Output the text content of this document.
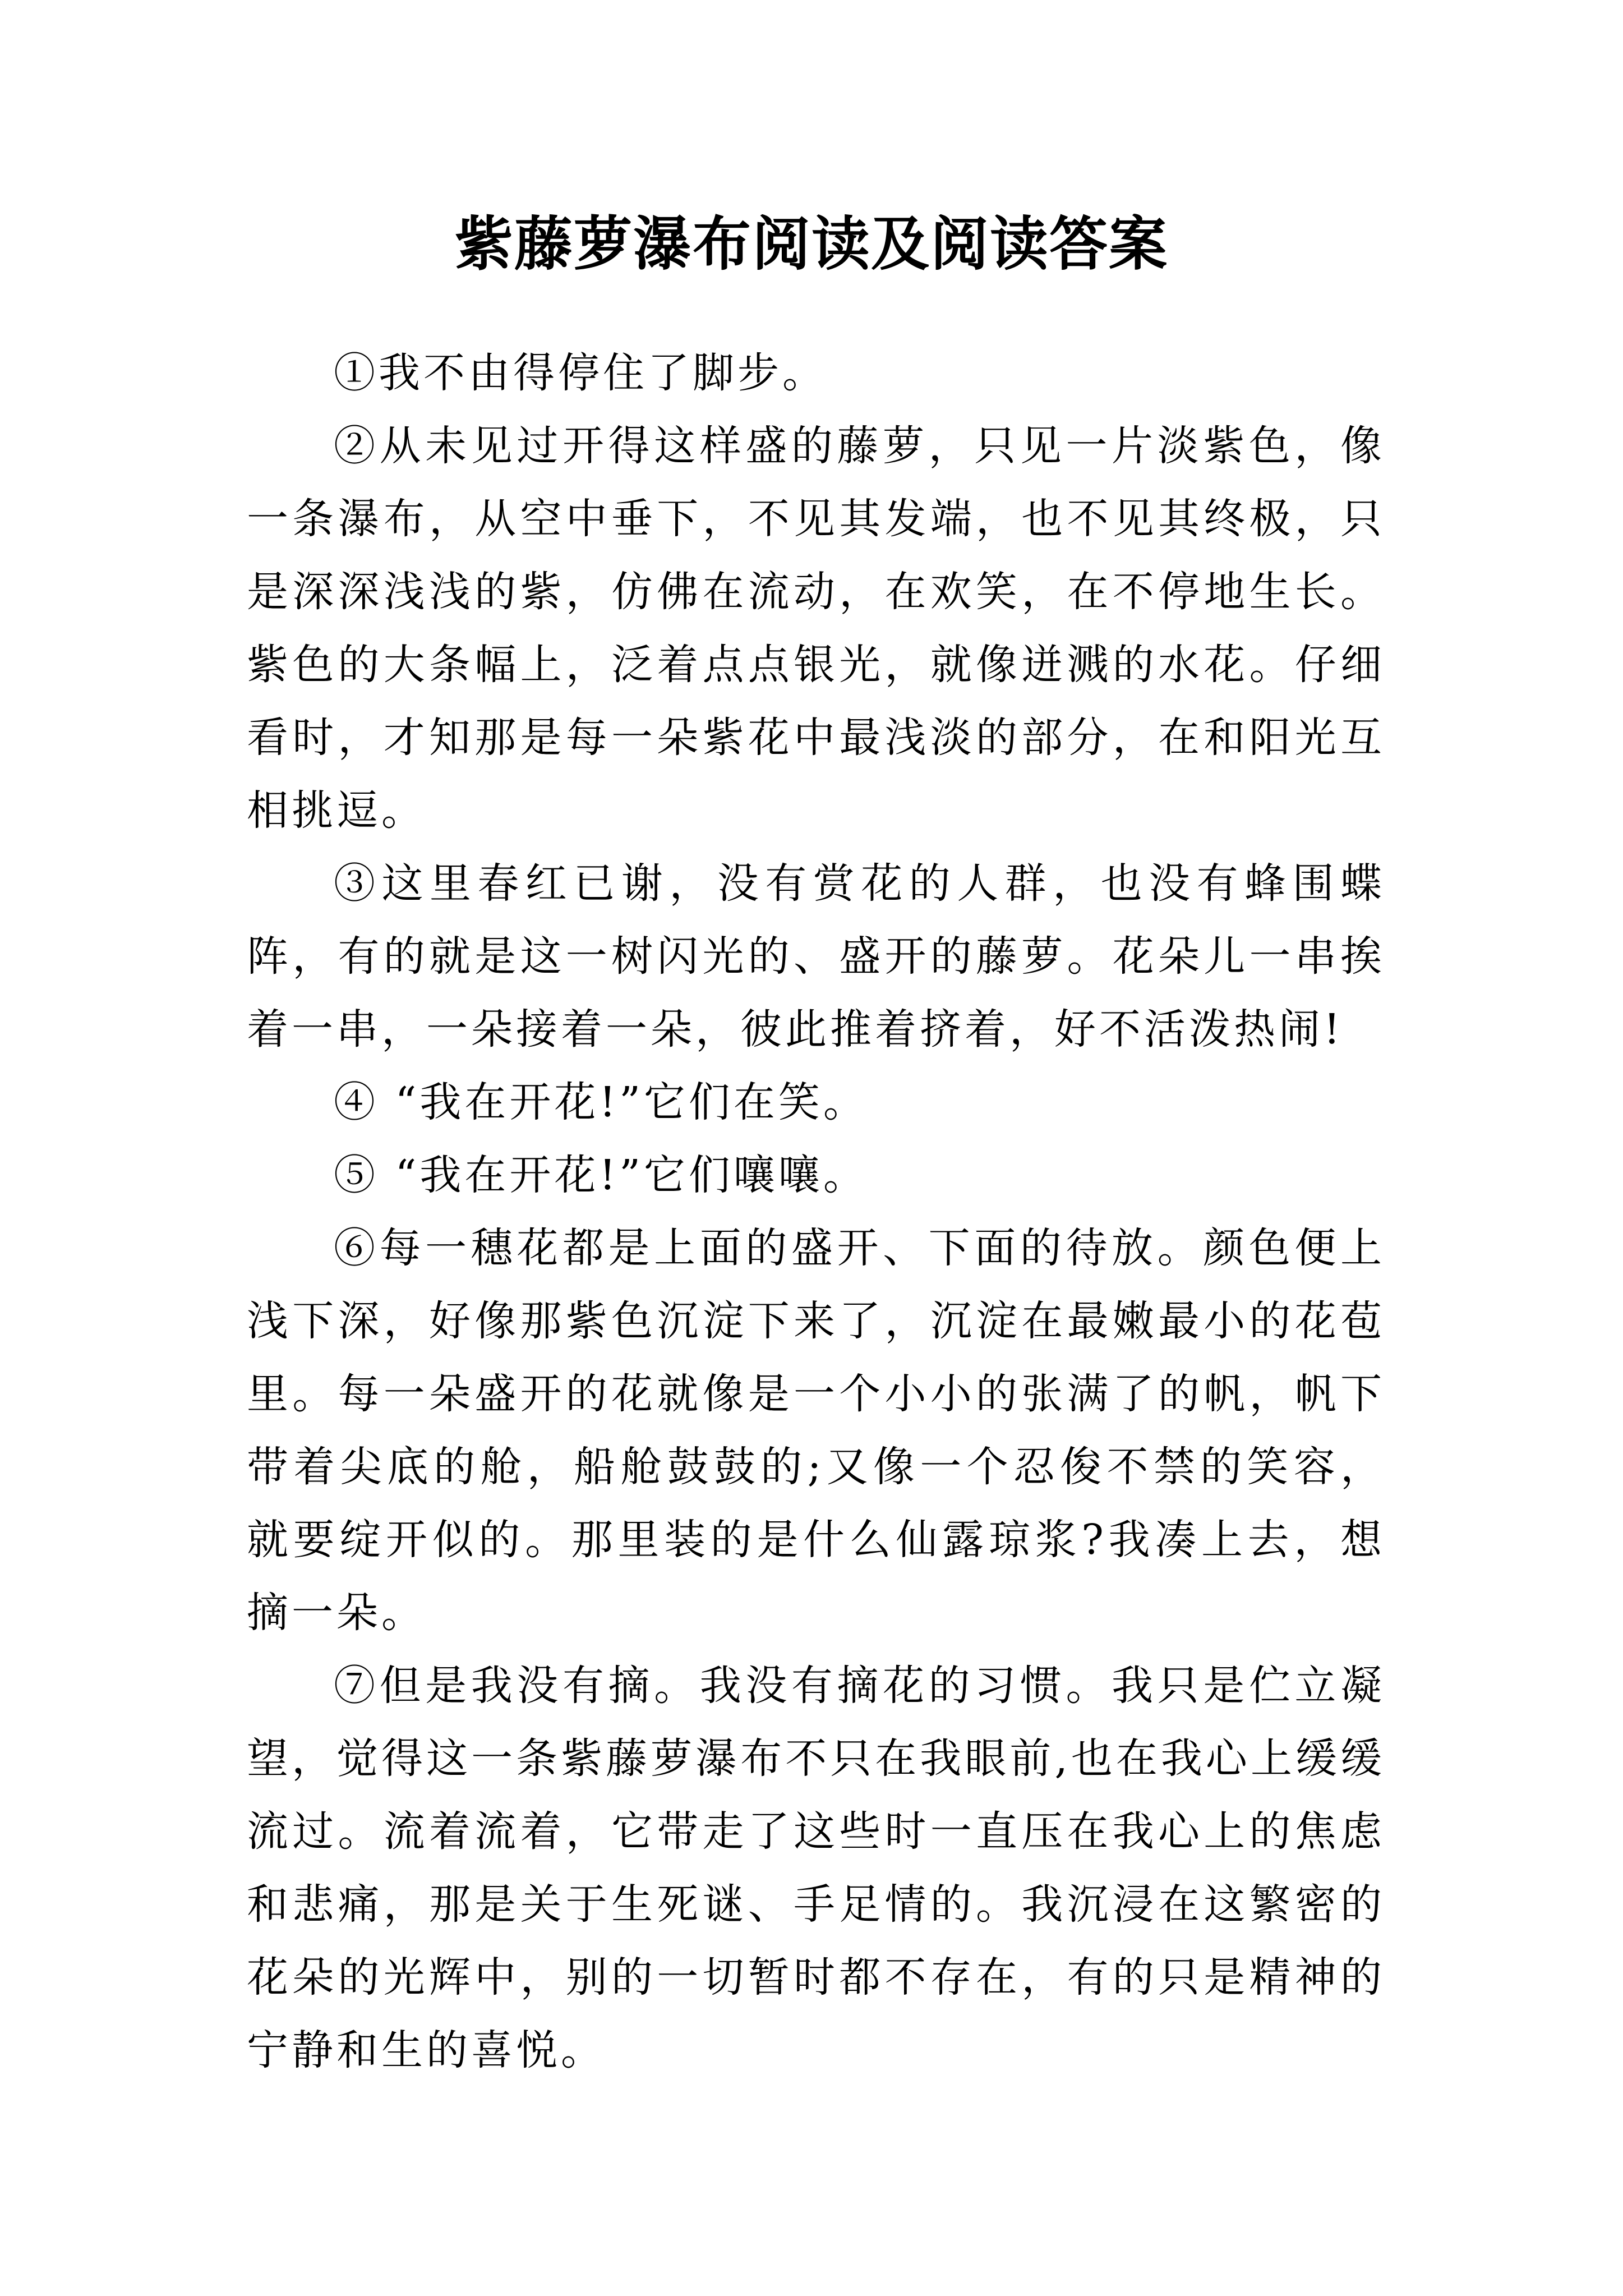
紫藤萝瀑布阅读及阅读答案

①我不由得停住了脚步。

②从未见过开得这样盛的藤萝，只见一片淡紫色，像一条瀑布，从空中垂下，不见其发端，也不见其终极，只是深深浅浅的紫，仿佛在流动，在欢笑，在不停地生长。紫色的大条幅上，泛着点点银光，就像迸溅的水花。仔细看时，才知那是每一朵紫花中最浅淡的部分，在和阳光互相挑逗。

③这里春红已谢，没有赏花的人群，也没有蜂围蝶阵，有的就是这一树闪光的、盛开的藤萝。花朵儿一串挨着一串，一朵接着一朵，彼此推着挤着，好不活泼热闹!

④ “我在开花!”它们在笑。

⑤ “我在开花!”它们嚷嚷。

⑥每一穗花都是上面的盛开、下面的待放。颜色便上浅下深，好像那紫色沉淀下来了，沉淀在最嫩最小的花苞里。每一朵盛开的花就像是一个小小的张满了的帆，帆下带着尖底的舱，船舱鼓鼓的;又像一个忍俊不禁的笑容，就要绽开似的。那里装的是什么仙露琼浆?我凑上去，想摘一朵。

⑦但是我没有摘。我没有摘花的习惯。我只是伫立凝望，觉得这一条紫藤萝瀑布不只在我眼前,也在我心上缓缓流过。流着流着，它带走了这些时一直压在我心上的焦虑和悲痛，那是关于生死谜、手足情的。我沉浸在这繁密的花朵的光辉中，别的一切暂时都不存在，有的只是精神的宁静和生的喜悦。
